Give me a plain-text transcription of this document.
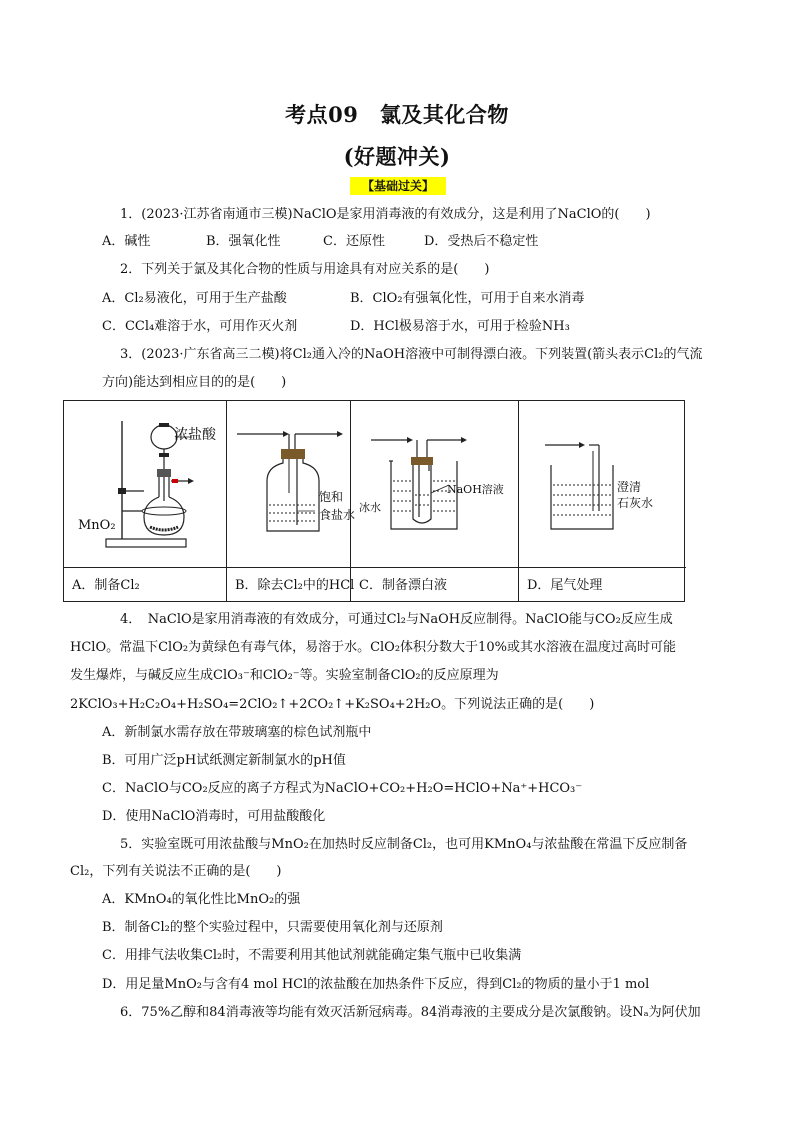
考点09　氯及其化合物
(好题冲关)
【基础过关】
1．(2023·江苏省南通市三模)NaClO是家用消毒液的有效成分，这是利用了NaClO的(　　)
A．碱性	B．强氧化性	C．还原性	D．受热后不稳定性
2．下列关于氯及其化合物的性质与用途具有对应关系的是(　　)
A．Cl₂易液化，可用于生产盐酸	B．ClO₂有强氧化性，可用于自来水消毒
C．CCl₄难溶于水，可用作灭火剂	D．HCl极易溶于水，可用于检验NH₃
3．(2023·广东省高三二模)将Cl₂通入冷的NaOH溶液中可制得漂白液。下列装置(箭头表示Cl₂的气流
方向)能达到相应目的的是(　　)
浓盐酸
MnO₂
饱和
食盐水
NaOH溶液
冰水
澄清
石灰水
A．制备Cl₂	B．除去Cl₂中的HCl C．制备漂白液	D．尾气处理
4．　NaClO是家用消毒液的有效成分，可通过Cl₂与NaOH反应制得。NaClO能与CO₂反应生成
HClO。常温下ClO₂为黄绿色有毒气体，易溶于水。ClO₂体积分数大于10%或其水溶液在温度过高时可能
发生爆炸，与碱反应生成ClO₃⁻和ClO₂⁻等。实验室制备ClO₂的反应原理为
2KClO₃+H₂C₂O₄+H₂SO₄=2ClO₂↑+2CO₂↑+K₂SO₄+2H₂O。下列说法正确的是(　　)
A．新制氯水需存放在带玻璃塞的棕色试剂瓶中
B．可用广泛pH试纸测定新制氯水的pH值
C．NaClO与CO₂反应的离子方程式为NaClO+CO₂+H₂O=HClO+Na⁺+HCO₃⁻
D．使用NaClO消毒时，可用盐酸酸化
5．实验室既可用浓盐酸与MnO₂在加热时反应制备Cl₂，也可用KMnO₄与浓盐酸在常温下反应制备
Cl₂，下列有关说法不正确的是(　　)
A．KMnO₄的氧化性比MnO₂的强
B．制备Cl₂的整个实验过程中，只需要使用氧化剂与还原剂
C．用排气法收集Cl₂时，不需要利用其他试剂就能确定集气瓶中已收集满
D．用足量MnO₂与含有4 mol HCl的浓盐酸在加热条件下反应，得到Cl₂的物质的量小于1 mol
6．75%乙醇和84消毒液等均能有效灭活新冠病毒。84消毒液的主要成分是次氯酸钠。设Nₐ为阿伏加
